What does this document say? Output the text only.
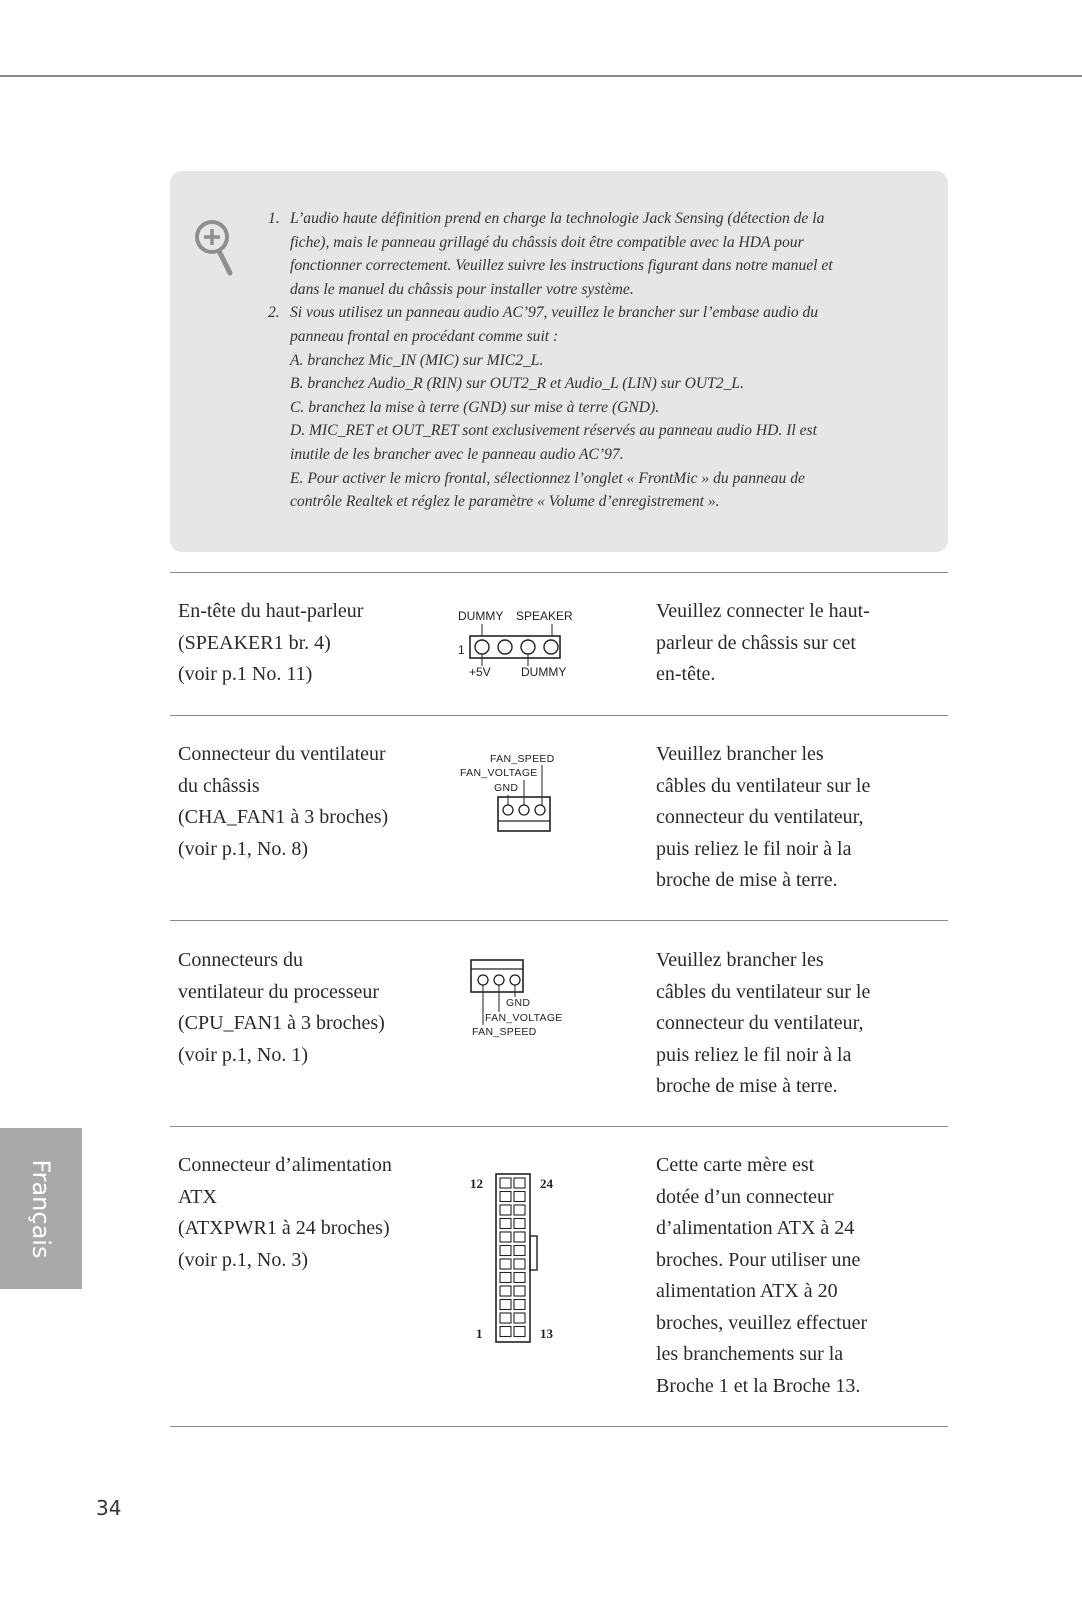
1. L’audio haute définition prend en charge la technologie Jack Sensing (détection de la
fiche), mais le panneau grillagé du châssis doit être compatible avec la HDA pour
fonctionner correctement. Veuillez suivre les instructions figurant dans notre manuel et
dans le manuel du châssis pour installer votre système.
2. Si vous utilisez un panneau audio AC’97, veuillez le brancher sur l’embase audio du
panneau frontal en procédant comme suit :
A. branchez Mic_IN (MIC) sur MIC2_L.
B. branchez Audio_R (RIN) sur OUT2_R et Audio_L (LIN) sur OUT2_L.
C. branchez la mise à terre (GND) sur mise à terre (GND).
D. MIC_RET et OUT_RET sont exclusivement réservés au panneau audio HD. Il est
inutile de les brancher avec le panneau audio AC’97.
E. Pour activer le micro frontal, sélectionnez l’onglet « FrontMic » du panneau de
contrôle Realtek et réglez le paramètre « Volume d’enregistrement ».
En-tête du haut-parleur
(SPEAKER1 br. 4)
(voir p.1 No. 11)
DUMMY SPEAKER
1
+5V	DUMMY
Veuillez connecter le haut-
parleur de châssis sur cet
en-tête.
Connecteur du ventilateur
du châssis
(CHA_FAN1 à 3 broches)
(voir p.1, No. 8)
FAN_SPEED
FAN_VOLTAGE
GND
Veuillez brancher les
câbles du ventilateur sur le
connecteur du ventilateur,
puis reliez le fil noir à la
broche de mise à terre.
Connecteurs du
ventilateur du processeur
(CPU_FAN1 à 3 broches)
(voir p.1, No. 1)
GND
FAN_VOLTAGE
FAN_SPEED
Veuillez brancher les
câbles du ventilateur sur le
connecteur du ventilateur,
puis reliez le fil noir à la
broche de mise à terre.
Connecteur d’alimentation
ATX
(ATXPWR1 à 24 broches)
(voir p.1, No. 3)
12	24
1	13
Cette carte mère est
dotée d’un connecteur
d’alimentation ATX à 24
broches. Pour utiliser une
alimentation ATX à 20
broches, veuillez effectuer
les branchements sur la
Broche 1 et la Broche 13.
Français
34
